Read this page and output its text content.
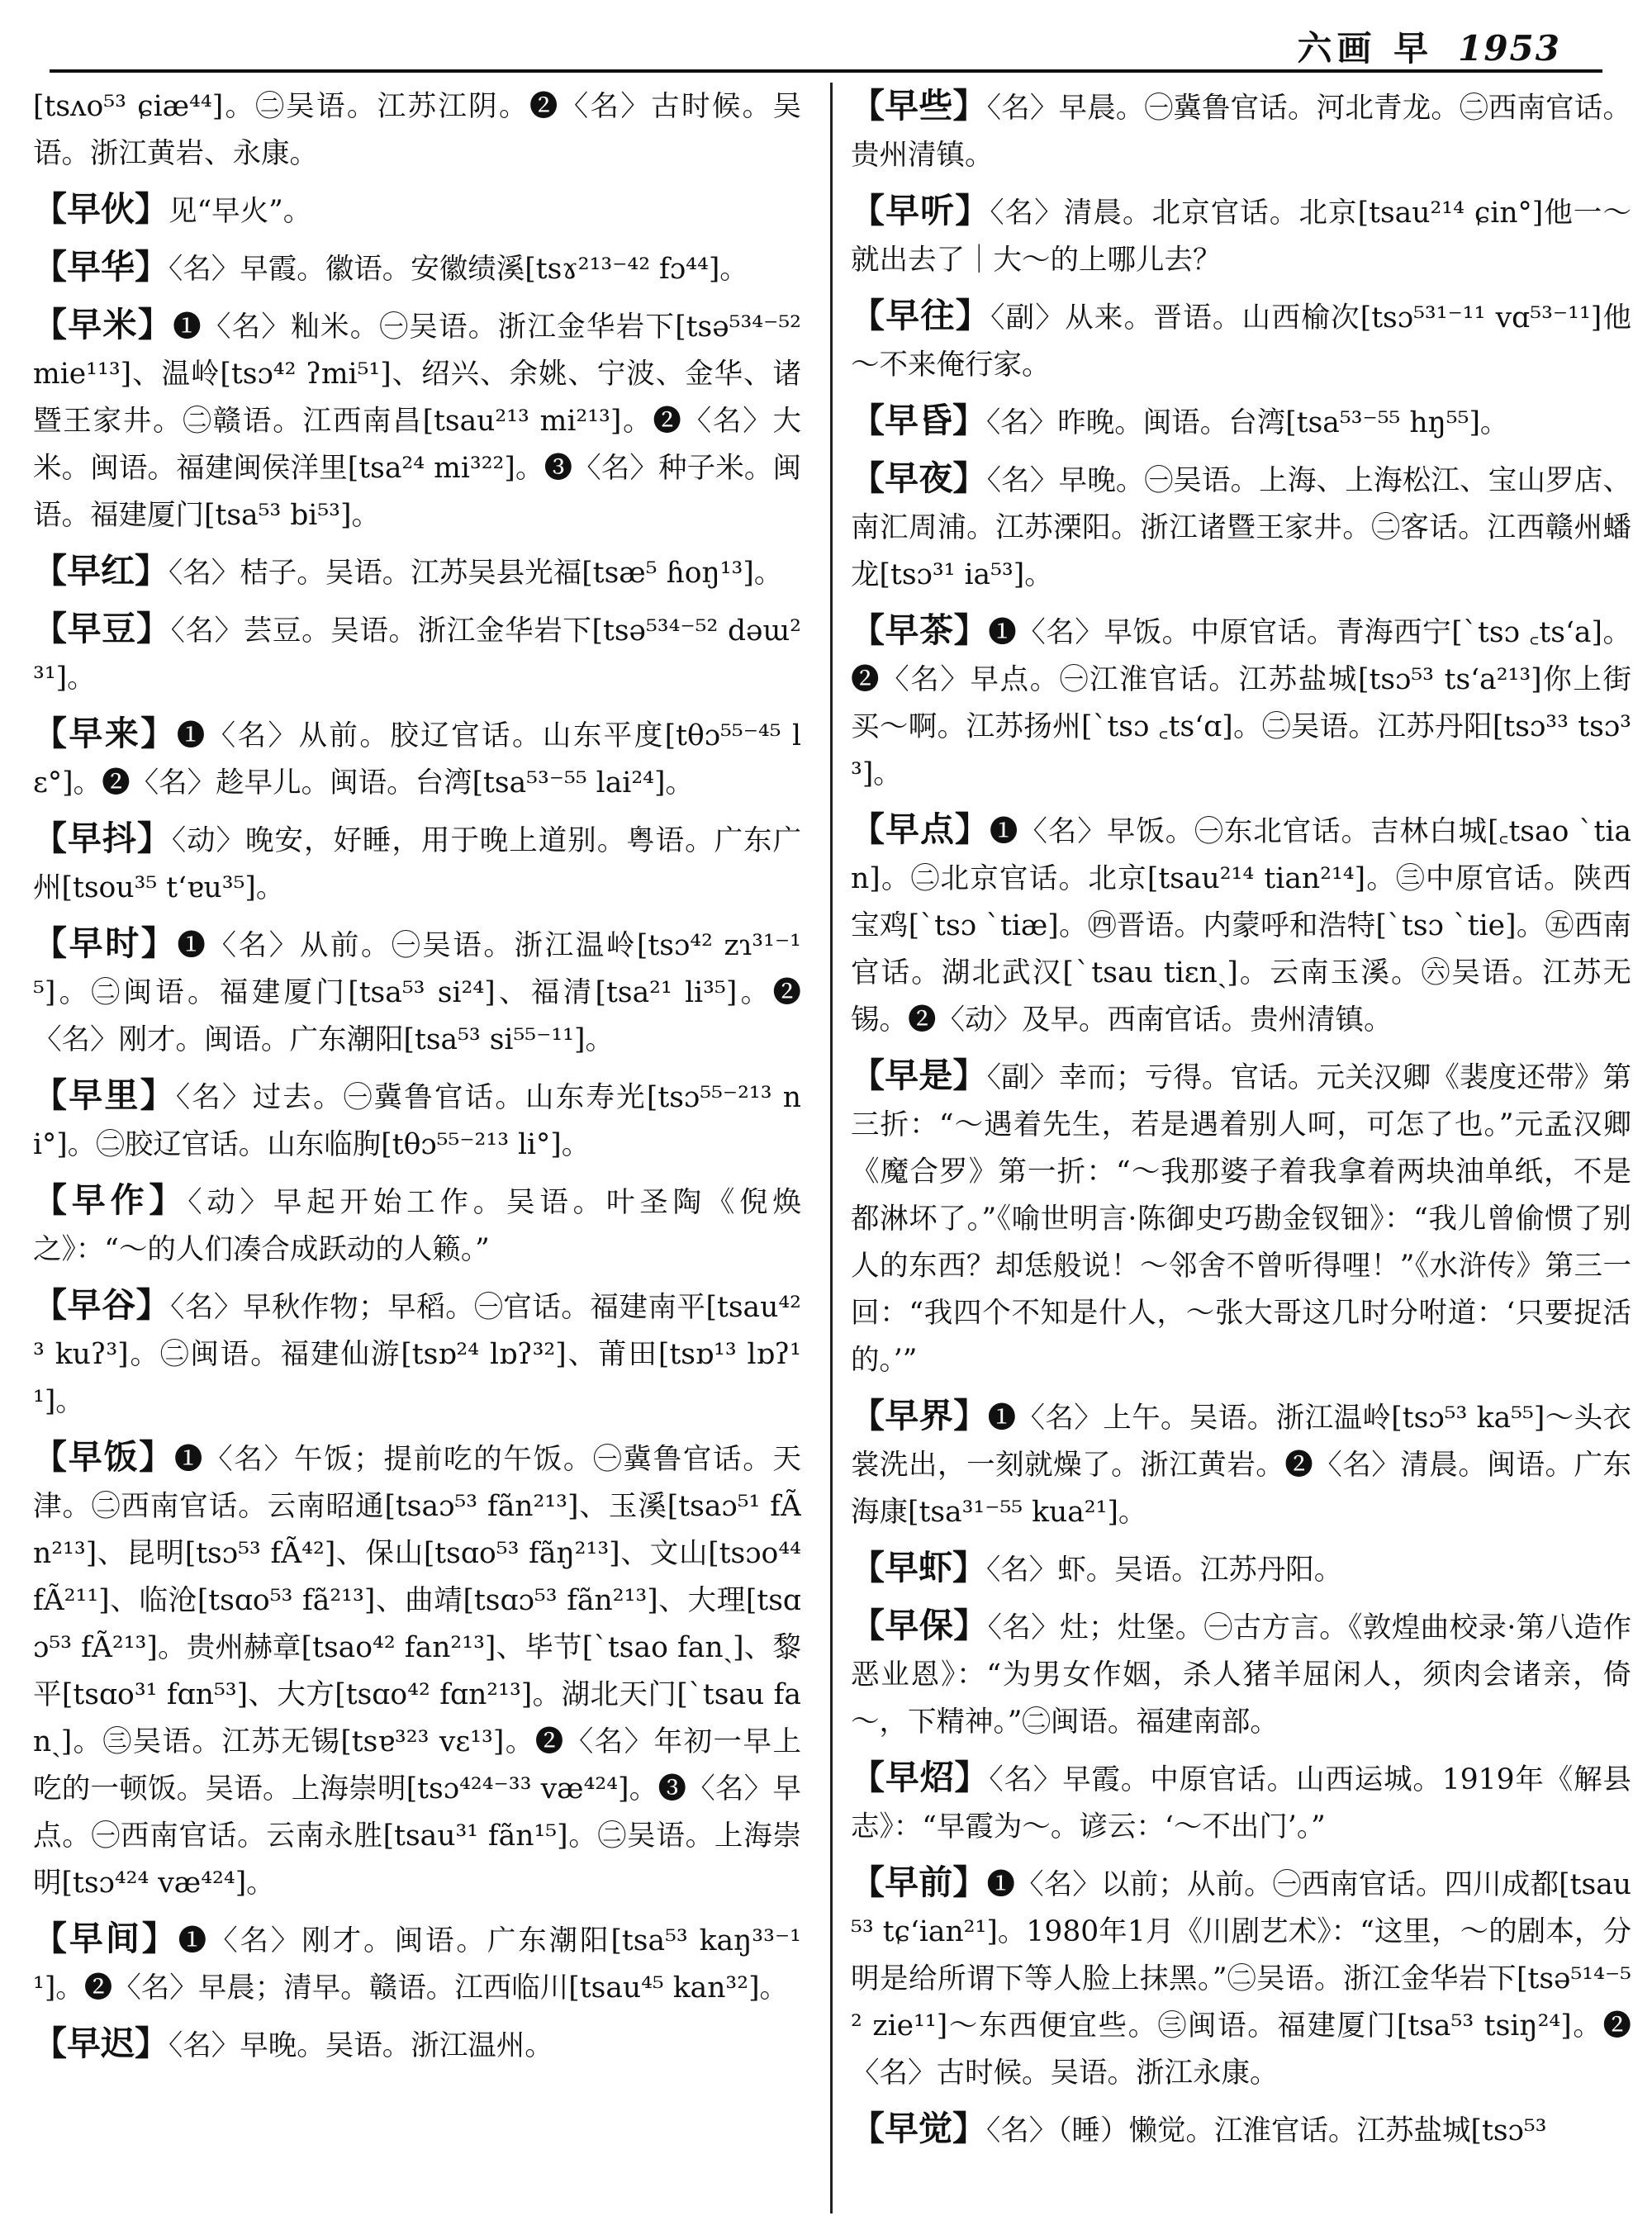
六画 早 1953

[tsʌo⁵³ ɕiæ⁴⁴]。㊁吴语。江苏江阴。❷〈名〉古时候。吴语。浙江黄岩、永康。

【早伙】见“早火”。

【早华】〈名〉早霞。徽语。安徽绩溪[tsɤ²¹³⁻⁴² fɔ⁴⁴]。

【早米】❶〈名〉籼米。㊀吴语。浙江金华岩下[tsə⁵³⁴⁻⁵² mie¹¹³]、温岭[tsɔ⁴² ʔmi⁵¹]、绍兴、余姚、宁波、金华、诸暨王家井。㊁赣语。江西南昌[tsau²¹³ mi²¹³]。❷〈名〉大米。闽语。福建闽侯洋里[tsa²⁴ mi³²²]。❸〈名〉种子米。闽语。福建厦门[tsa⁵³ bi⁵³]。

【早红】〈名〉桔子。吴语。江苏吴县光福[tsæ⁵ ɦoŋ¹³]。

【早豆】〈名〉芸豆。吴语。浙江金华岩下[tsə⁵³⁴⁻⁵² dəɯ²³¹]。

【早来】❶〈名〉从前。胶辽官话。山东平度[tθɔ⁵⁵⁻⁴⁵ lɛ°]。❷〈名〉趁早儿。闽语。台湾[tsa⁵³⁻⁵⁵ lai²⁴]。

【早抖】〈动〉晚安，好睡，用于晚上道别。粤语。广东广州[tsou³⁵ tʻɐu³⁵]。

【早时】❶〈名〉从前。㊀吴语。浙江温岭[tsɔ⁴² zɿ³¹⁻¹⁵]。㊁闽语。福建厦门[tsa⁵³ si²⁴]、福清[tsa²¹ li³⁵]。❷〈名〉刚才。闽语。广东潮阳[tsa⁵³ si⁵⁵⁻¹¹]。

【早里】〈名〉过去。㊀冀鲁官话。山东寿光[tsɔ⁵⁵⁻²¹³ ni°]。㊁胶辽官话。山东临朐[tθɔ⁵⁵⁻²¹³ li°]。

【早作】〈动〉早起开始工作。吴语。叶圣陶《倪焕之》：“～的人们凑合成跃动的人籁。”

【早谷】〈名〉早秋作物；早稻。㊀官话。福建南平[tsau⁴²³ kuʔ³]。㊁闽语。福建仙游[tsɒ²⁴ lɒʔ³²]、莆田[tsɒ¹³ lɒʔ¹¹]。

【早饭】❶〈名〉午饭；提前吃的午饭。㊀冀鲁官话。天津。㊁西南官话。云南昭通[tsaɔ⁵³ fãn²¹³]、玉溪[tsaɔ⁵¹ fÃn²¹³]、昆明[tsɔ⁵³ fÃ⁴²]、保山[tsɑo⁵³ fãŋ²¹³]、文山[tsɔo⁴⁴ fÃ²¹¹]、临沧[tsɑo⁵³ fã²¹³]、曲靖[tsɑɔ⁵³ fãn²¹³]、大理[tsɑɔ⁵³ fÃ²¹³]。贵州赫章[tsao⁴² fan²¹³]、毕节[ˋtsao fanˎ]、黎平[tsɑo³¹ fɑn⁵³]、大方[tsɑo⁴² fɑn²¹³]。湖北天门[ˋtsau fanˎ]。㊂吴语。江苏无锡[tsɐ³²³ vɛ¹³]。❷〈名〉年初一早上吃的一顿饭。吴语。上海崇明[tsɔ⁴²⁴⁻³³ væ⁴²⁴]。❸〈名〉早点。㊀西南官话。云南永胜[tsau³¹ fãn¹⁵]。㊁吴语。上海崇明[tsɔ⁴²⁴ væ⁴²⁴]。

【早间】❶〈名〉刚才。闽语。广东潮阳[tsa⁵³ kaŋ³³⁻¹¹]。❷〈名〉早晨；清早。赣语。江西临川[tsau⁴⁵ kan³²]。

【早迟】〈名〉早晚。吴语。浙江温州。

【早些】〈名〉早晨。㊀冀鲁官话。河北青龙。㊁西南官话。贵州清镇。

【早听】〈名〉清晨。北京官话。北京[tsau²¹⁴ ɕin°]他一～就出去了｜大～的上哪儿去？

【早往】〈副〉从来。晋语。山西榆次[tsɔ⁵³¹⁻¹¹ vɑ⁵³⁻¹¹]他～不来俺行家。

【早昏】〈名〉昨晚。闽语。台湾[tsa⁵³⁻⁵⁵ hŋ⁵⁵]。

【早夜】〈名〉早晚。㊀吴语。上海、上海松江、宝山罗店、南汇周浦。江苏溧阳。浙江诸暨王家井。㊁客话。江西赣州蟠龙[tsɔ³¹ ia⁵³]。

【早茶】❶〈名〉早饭。中原官话。青海西宁[ˋtsɔ ꜀tsʻa]。❷〈名〉早点。㊀江淮官话。江苏盐城[tsɔ⁵³ tsʻa²¹³]你上街买～啊。江苏扬州[ˋtsɔ ꜀tsʻɑ]。㊁吴语。江苏丹阳[tsɔ³³ tsɔ³³]。

【早点】❶〈名〉早饭。㊀东北官话。吉林白城[꜀tsao ˋtian]。㊁北京官话。北京[tsau²¹⁴ tian²¹⁴]。㊂中原官话。陕西宝鸡[ˋtsɔ ˋtiæ]。㊃晋语。内蒙呼和浩特[ˋtsɔ ˋtie]。㊄西南官话。湖北武汉[ˋtsau tiɛnˎ]。云南玉溪。㊅吴语。江苏无锡。❷〈动〉及早。西南官话。贵州清镇。

【早是】〈副〉幸而；亏得。官话。元关汉卿《裴度还带》第三折：“～遇着先生，若是遇着别人呵，可怎了也。”元孟汉卿《魔合罗》第一折：“～我那婆子着我拿着两块油单纸，不是都淋坏了。”《喻世明言·陈御史巧勘金钗钿》：“我儿曾偷惯了别人的东西？却恁般说！～邻舍不曾听得哩！”《水浒传》第三一回：“我四个不知是什人，～张大哥这几时分咐道：‘只要捉活的。’”

【早界】❶〈名〉上午。吴语。浙江温岭[tsɔ⁵³ ka⁵⁵]～头衣裳洗出，一刻就燥了。浙江黄岩。❷〈名〉清晨。闽语。广东海康[tsa³¹⁻⁵⁵ kua²¹]。

【早虾】〈名〉虾。吴语。江苏丹阳。

【早保】〈名〉灶；灶堡。㊀古方言。《敦煌曲校录·第八造作恶业恩》：“为男女作姻，杀人猪羊屈闲人，须肉会诸亲，倚～，下精神。”㊁闽语。福建南部。

【早炤】〈名〉早霞。中原官话。山西运城。1919年《解县志》：“早霞为～。谚云：‘～不出门’。”

【早前】❶〈名〉以前；从前。㊀西南官话。四川成都[tsau⁵³ tɕʻian²¹]。1980年1月《川剧艺术》：“这里，～的剧本，分明是给所谓下等人脸上抹黑。”㊁吴语。浙江金华岩下[tsə⁵¹⁴⁻⁵² zie¹¹]～东西便宜些。㊂闽语。福建厦门[tsa⁵³ tsiŋ²⁴]。❷〈名〉古时候。吴语。浙江永康。

【早觉】〈名〉（睡）懒觉。江淮官话。江苏盐城[tsɔ⁵³
